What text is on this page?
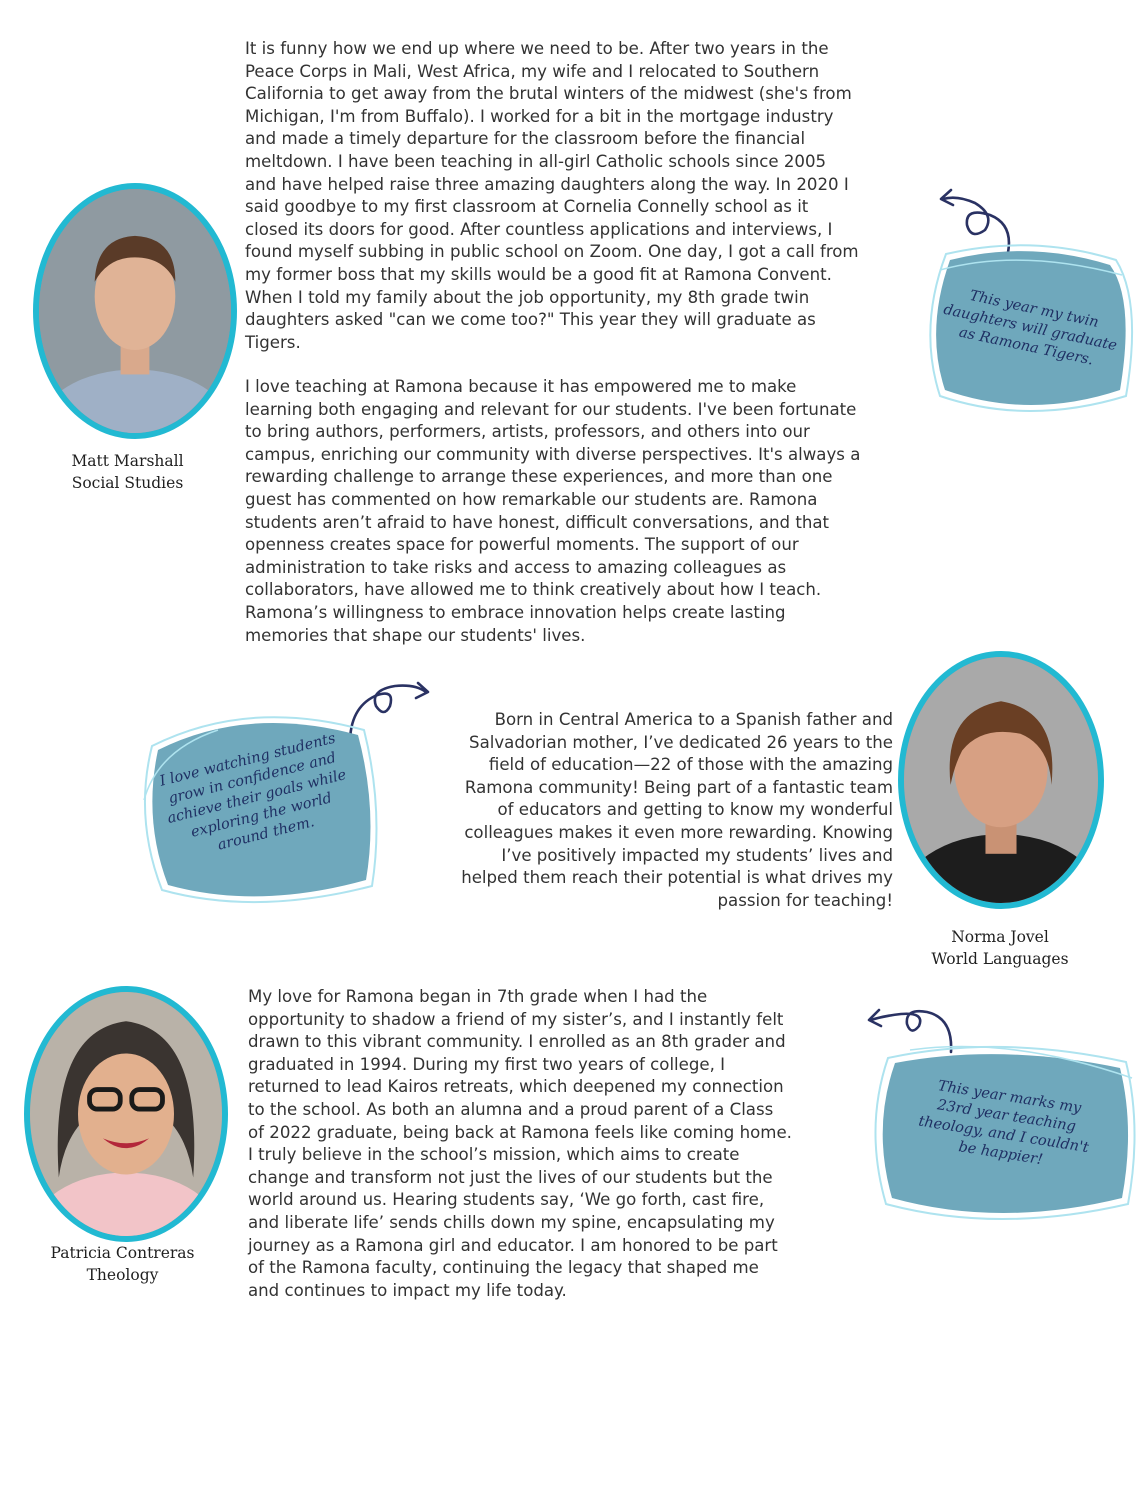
It is funny how we end up where we need to be. After two years in the
Peace Corps in Mali, West Africa, my wife and I relocated to Southern
California to get away from the brutal winters of the midwest (she's from
Michigan, I'm from Buffalo). I worked for a bit in the mortgage industry
and made a timely departure for the classroom before the financial
meltdown. I have been teaching in all-girl Catholic schools since 2005
and have helped raise three amazing daughters along the way. In 2020 I
said goodbye to my first classroom at Cornelia Connelly school as it
closed its doors for good. After countless applications and interviews, I
found myself subbing in public school on Zoom. One day, I got a call from
my former boss that my skills would be a good fit at Ramona Convent.
When I told my family about the job opportunity, my 8th grade twin
daughters asked "can we come too?" This year they will graduate as
Tigers.

I love teaching at Ramona because it has empowered me to make
learning both engaging and relevant for our students. I've been fortunate
to bring authors, performers, artists, professors, and others into our
campus, enriching our community with diverse perspectives. It's always a
rewarding challenge to arrange these experiences, and more than one
guest has commented on how remarkable our students are. Ramona
students aren’t afraid to have honest, difficult conversations, and that
openness creates space for powerful moments. The support of our
administration to take risks and access to amazing colleagues as
collaborators, have allowed me to think creatively about how I teach.
Ramona’s willingness to embrace innovation helps create lasting
memories that shape our students' lives.

Matt Marshall
Social Studies
This year my twin
daughters will graduate
as Ramona Tigers.

Born in Central America to a Spanish father and
Salvadorian mother, I’ve dedicated 26 years to the
field of education—22 of those with the amazing
Ramona community! Being part of a fantastic team
of educators and getting to know my wonderful
colleagues makes it even more rewarding. Knowing
I’ve positively impacted my students’ lives and
helped them reach their potential is what drives my
passion for teaching!

Norma Jovel
World Languages
I love watching students
grow in confidence and
achieve their goals while
exploring the world
around them.

My love for Ramona began in 7th grade when I had the
opportunity to shadow a friend of my sister’s, and I instantly felt
drawn to this vibrant community. I enrolled as an 8th grader and
graduated in 1994. During my first two years of college, I
returned to lead Kairos retreats, which deepened my connection
to the school. As both an alumna and a proud parent of a Class
of 2022 graduate, being back at Ramona feels like coming home.
I truly believe in the school’s mission, which aims to create
change and transform not just the lives of our students but the
world around us. Hearing students say, ‘We go forth, cast fire,
and liberate life’ sends chills down my spine, encapsulating my
journey as a Ramona girl and educator. I am honored to be part
of the Ramona faculty, continuing the legacy that shaped me
and continues to impact my life today.

Patricia Contreras
Theology
This year marks my
23rd year teaching
theology, and I couldn't
be happier!
